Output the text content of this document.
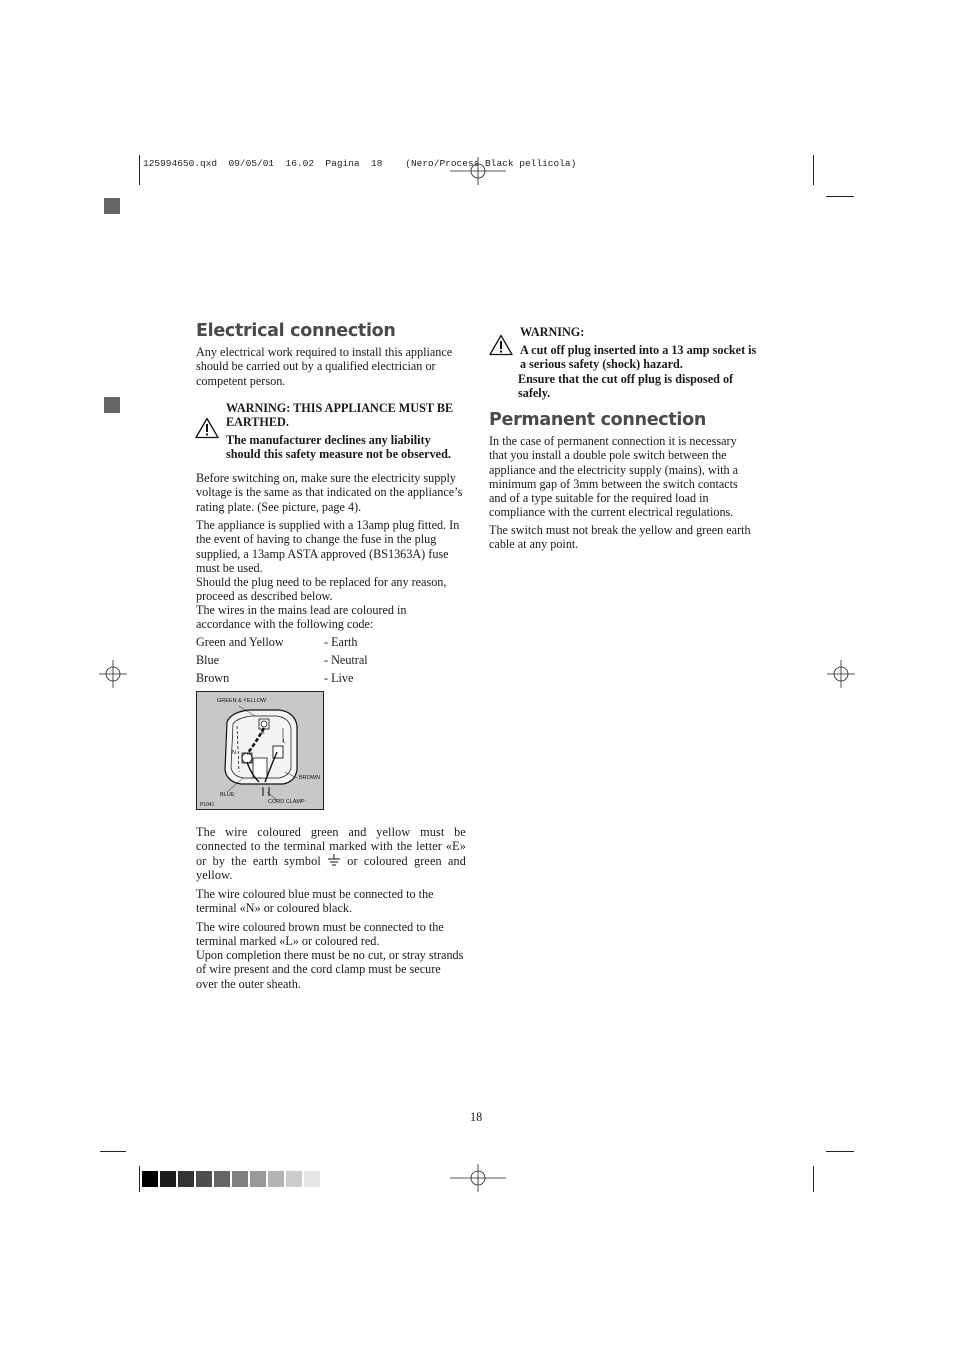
125994650.qxd  09/05/01  16.02  Pagina  18    (Nero/Process Black pellicola)
Electrical connection

Any electrical work required to install this appliance should be carried out by a qualified electrician or competent person.

WARNING: THIS APPLIANCE MUST BE EARTHED.

The manufacturer declines any liability should this safety measure not be observed.

Before switching on, make sure the electricity supply voltage is the same as that indicated on the appliance’s rating plate. (See picture, page 4).

The appliance is supplied with a 13amp plug fitted. In the event of having to change the fuse in the plug supplied, a 13amp ASTA approved (BS1363A) fuse must be used.

Should the plug need to be replaced for any reason, proceed as described below.

The wires in the mains lead are coloured in accordance with the following code:

Green and Yellow	- Earth
Blue	- Neutral
Brown	- Live
GREEN & YELLOW
E
L
N
BROWN
BLUE
CORD CLAMP
P1041

The wire coloured green and yellow must be connected to the terminal marked with the letter «E» or by the earth symbol or coloured green and yellow.

The wire coloured blue must be connected to the terminal «N» or coloured black.

The wire coloured brown must be connected to the terminal marked «L» or coloured red.

Upon completion there must be no cut, or stray strands of wire present and the cord clamp must be secure over the outer sheath.

WARNING:

A cut off plug inserted into a 13 amp socket is a serious safety (shock) hazard.

Ensure that the cut off plug is disposed of safely.

Permanent connection

In the case of permanent connection it is necessary that you install a double pole switch between the appliance and the electricity supply (mains), with a minimum gap of 3mm between the switch contacts and of a type suitable for the required load in compliance with the current electrical regulations.

The switch must not break the yellow and green earth cable at any point.

18
